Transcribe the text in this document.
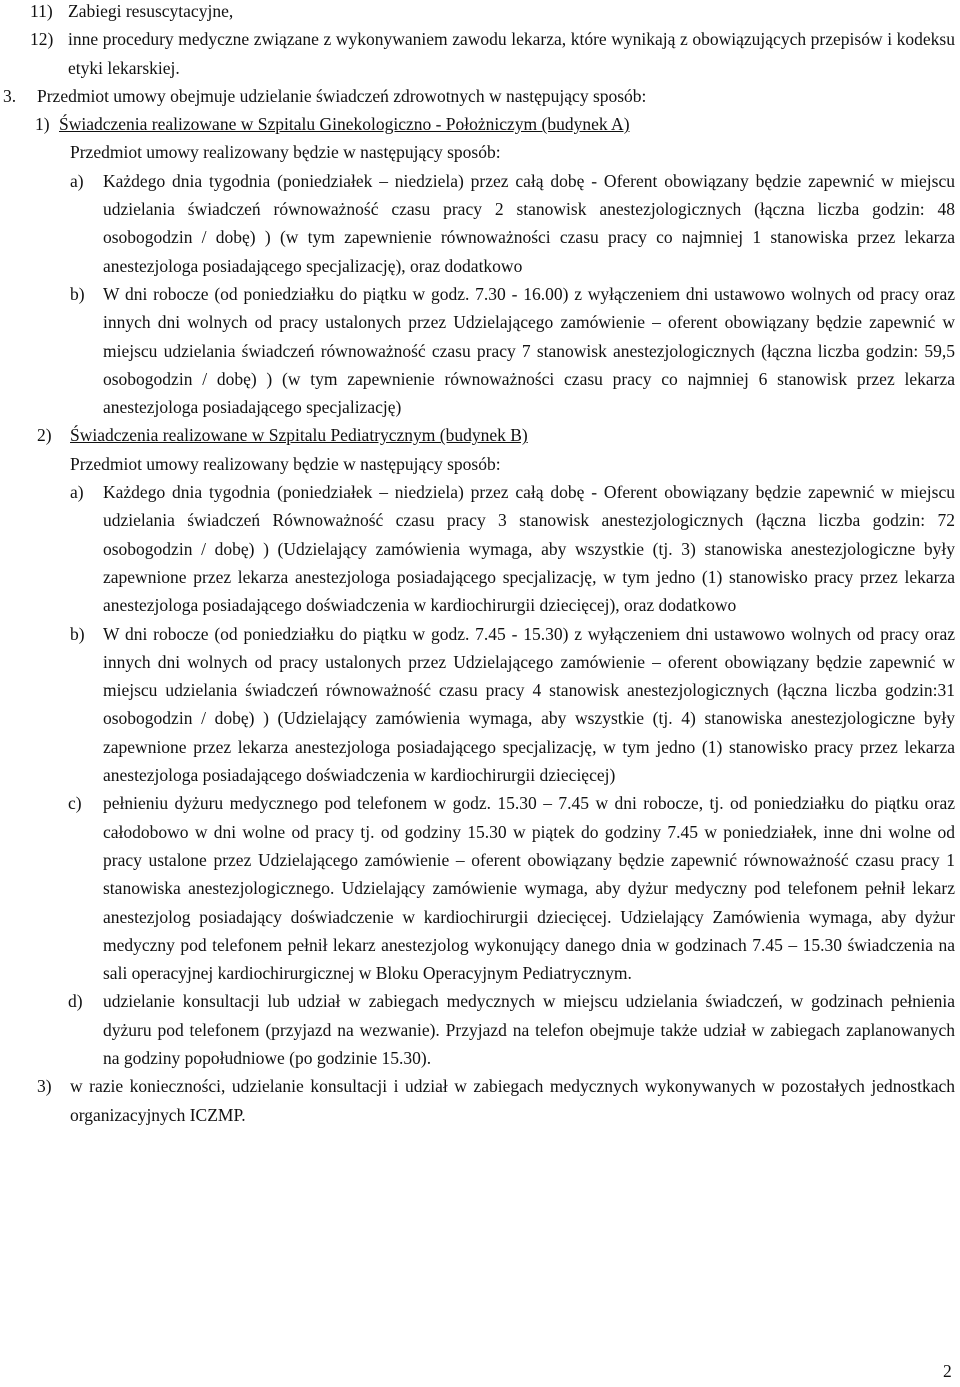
11) Zabiegi resuscytacyjne,
12) inne procedury medyczne związane z wykonywaniem zawodu lekarza, które wynikają z obowiązujących przepisów i kodeksu etyki lekarskiej.
3. Przedmiot umowy obejmuje udzielanie świadczeń zdrowotnych w następujący sposób:
1) Świadczenia realizowane w Szpitalu Ginekologiczno - Położniczym (budynek A)
Przedmiot umowy realizowany będzie w następujący sposób:
a) Każdego dnia tygodnia (poniedziałek – niedziela) przez całą dobę - Oferent obowiązany będzie zapewnić w miejscu udzielania świadczeń równoważność czasu pracy 2 stanowisk anestezjologicznych (łączna liczba godzin: 48 osobogodzin / dobę) ) (w tym zapewnienie równoważności czasu pracy co najmniej 1 stanowiska przez lekarza anestezjologa posiadającego specjalizację), oraz dodatkowo
b) W dni robocze (od poniedziałku do piątku w godz. 7.30 - 16.00) z wyłączeniem dni ustawowo wolnych od pracy oraz innych dni wolnych od pracy ustalonych przez Udzielającego zamówienie – oferent obowiązany będzie zapewnić w miejscu udzielania świadczeń równoważność czasu pracy 7 stanowisk anestezjologicznych (łączna liczba godzin: 59,5 osobogodzin / dobę) ) (w tym zapewnienie równoważności czasu pracy co najmniej 6 stanowisk przez lekarza anestezjologa posiadającego specjalizację)
2) Świadczenia realizowane w Szpitalu Pediatrycznym (budynek B)
Przedmiot umowy realizowany będzie w następujący sposób:
a) Każdego dnia tygodnia (poniedziałek – niedziela) przez całą dobę - Oferent obowiązany będzie zapewnić w miejscu udzielania świadczeń Równoważność czasu pracy 3 stanowisk anestezjologicznych (łączna liczba godzin: 72 osobogodzin / dobę) ) (Udzielający zamówienia wymaga, aby wszystkie (tj. 3) stanowiska anestezjologiczne były zapewnione przez lekarza anestezjologa posiadającego specjalizację, w tym jedno (1) stanowisko pracy przez lekarza anestezjologa posiadającego doświadczenia w kardiochirurgii dziecięcej), oraz dodatkowo
b) W dni robocze (od poniedziałku do piątku w godz. 7.45 - 15.30) z wyłączeniem dni ustawowo wolnych od pracy oraz innych dni wolnych od pracy ustalonych przez Udzielającego zamówienie – oferent obowiązany będzie zapewnić w miejscu udzielania świadczeń równoważność czasu pracy 4 stanowisk anestezjologicznych (łączna liczba godzin:31 osobogodzin / dobę) ) (Udzielający zamówienia wymaga, aby wszystkie (tj. 4) stanowiska anestezjologiczne były zapewnione przez lekarza anestezjologa posiadającego specjalizację, w tym jedno (1) stanowisko pracy przez lekarza anestezjologa posiadającego doświadczenia w kardiochirurgii dziecięcej)
c) pełnieniu dyżuru medycznego pod telefonem w godz. 15.30 – 7.45 w dni robocze, tj. od poniedziałku do piątku oraz całodobowo w dni wolne od pracy tj. od godziny 15.30 w piątek do godziny 7.45 w poniedziałek, inne dni wolne od pracy ustalone przez Udzielającego zamówienie – oferent obowiązany będzie zapewnić równoważność czasu pracy 1 stanowiska anestezjologicznego. Udzielający zamówienie wymaga, aby dyżur medyczny pod telefonem pełnił lekarz anestezjolog posiadający doświadczenie w kardiochirurgii dziecięcej. Udzielający Zamówienia wymaga, aby dyżur medyczny pod telefonem pełnił lekarz anestezjolog wykonujący danego dnia w godzinach 7.45 – 15.30 świadczenia na sali operacyjnej kardiochirurgicznej w Bloku Operacyjnym Pediatrycznym.
d) udzielanie konsultacji lub udział w zabiegach medycznych w miejscu udzielania świadczeń, w godzinach pełnienia dyżuru pod telefonem (przyjazd na wezwanie). Przyjazd na telefon obejmuje także udział w zabiegach zaplanowanych na godziny popołudniowe (po godzinie 15.30).
3) w razie konieczności, udzielanie konsultacji i udział w zabiegach medycznych wykonywanych w pozostałych jednostkach organizacyjnych ICZMP.
2
